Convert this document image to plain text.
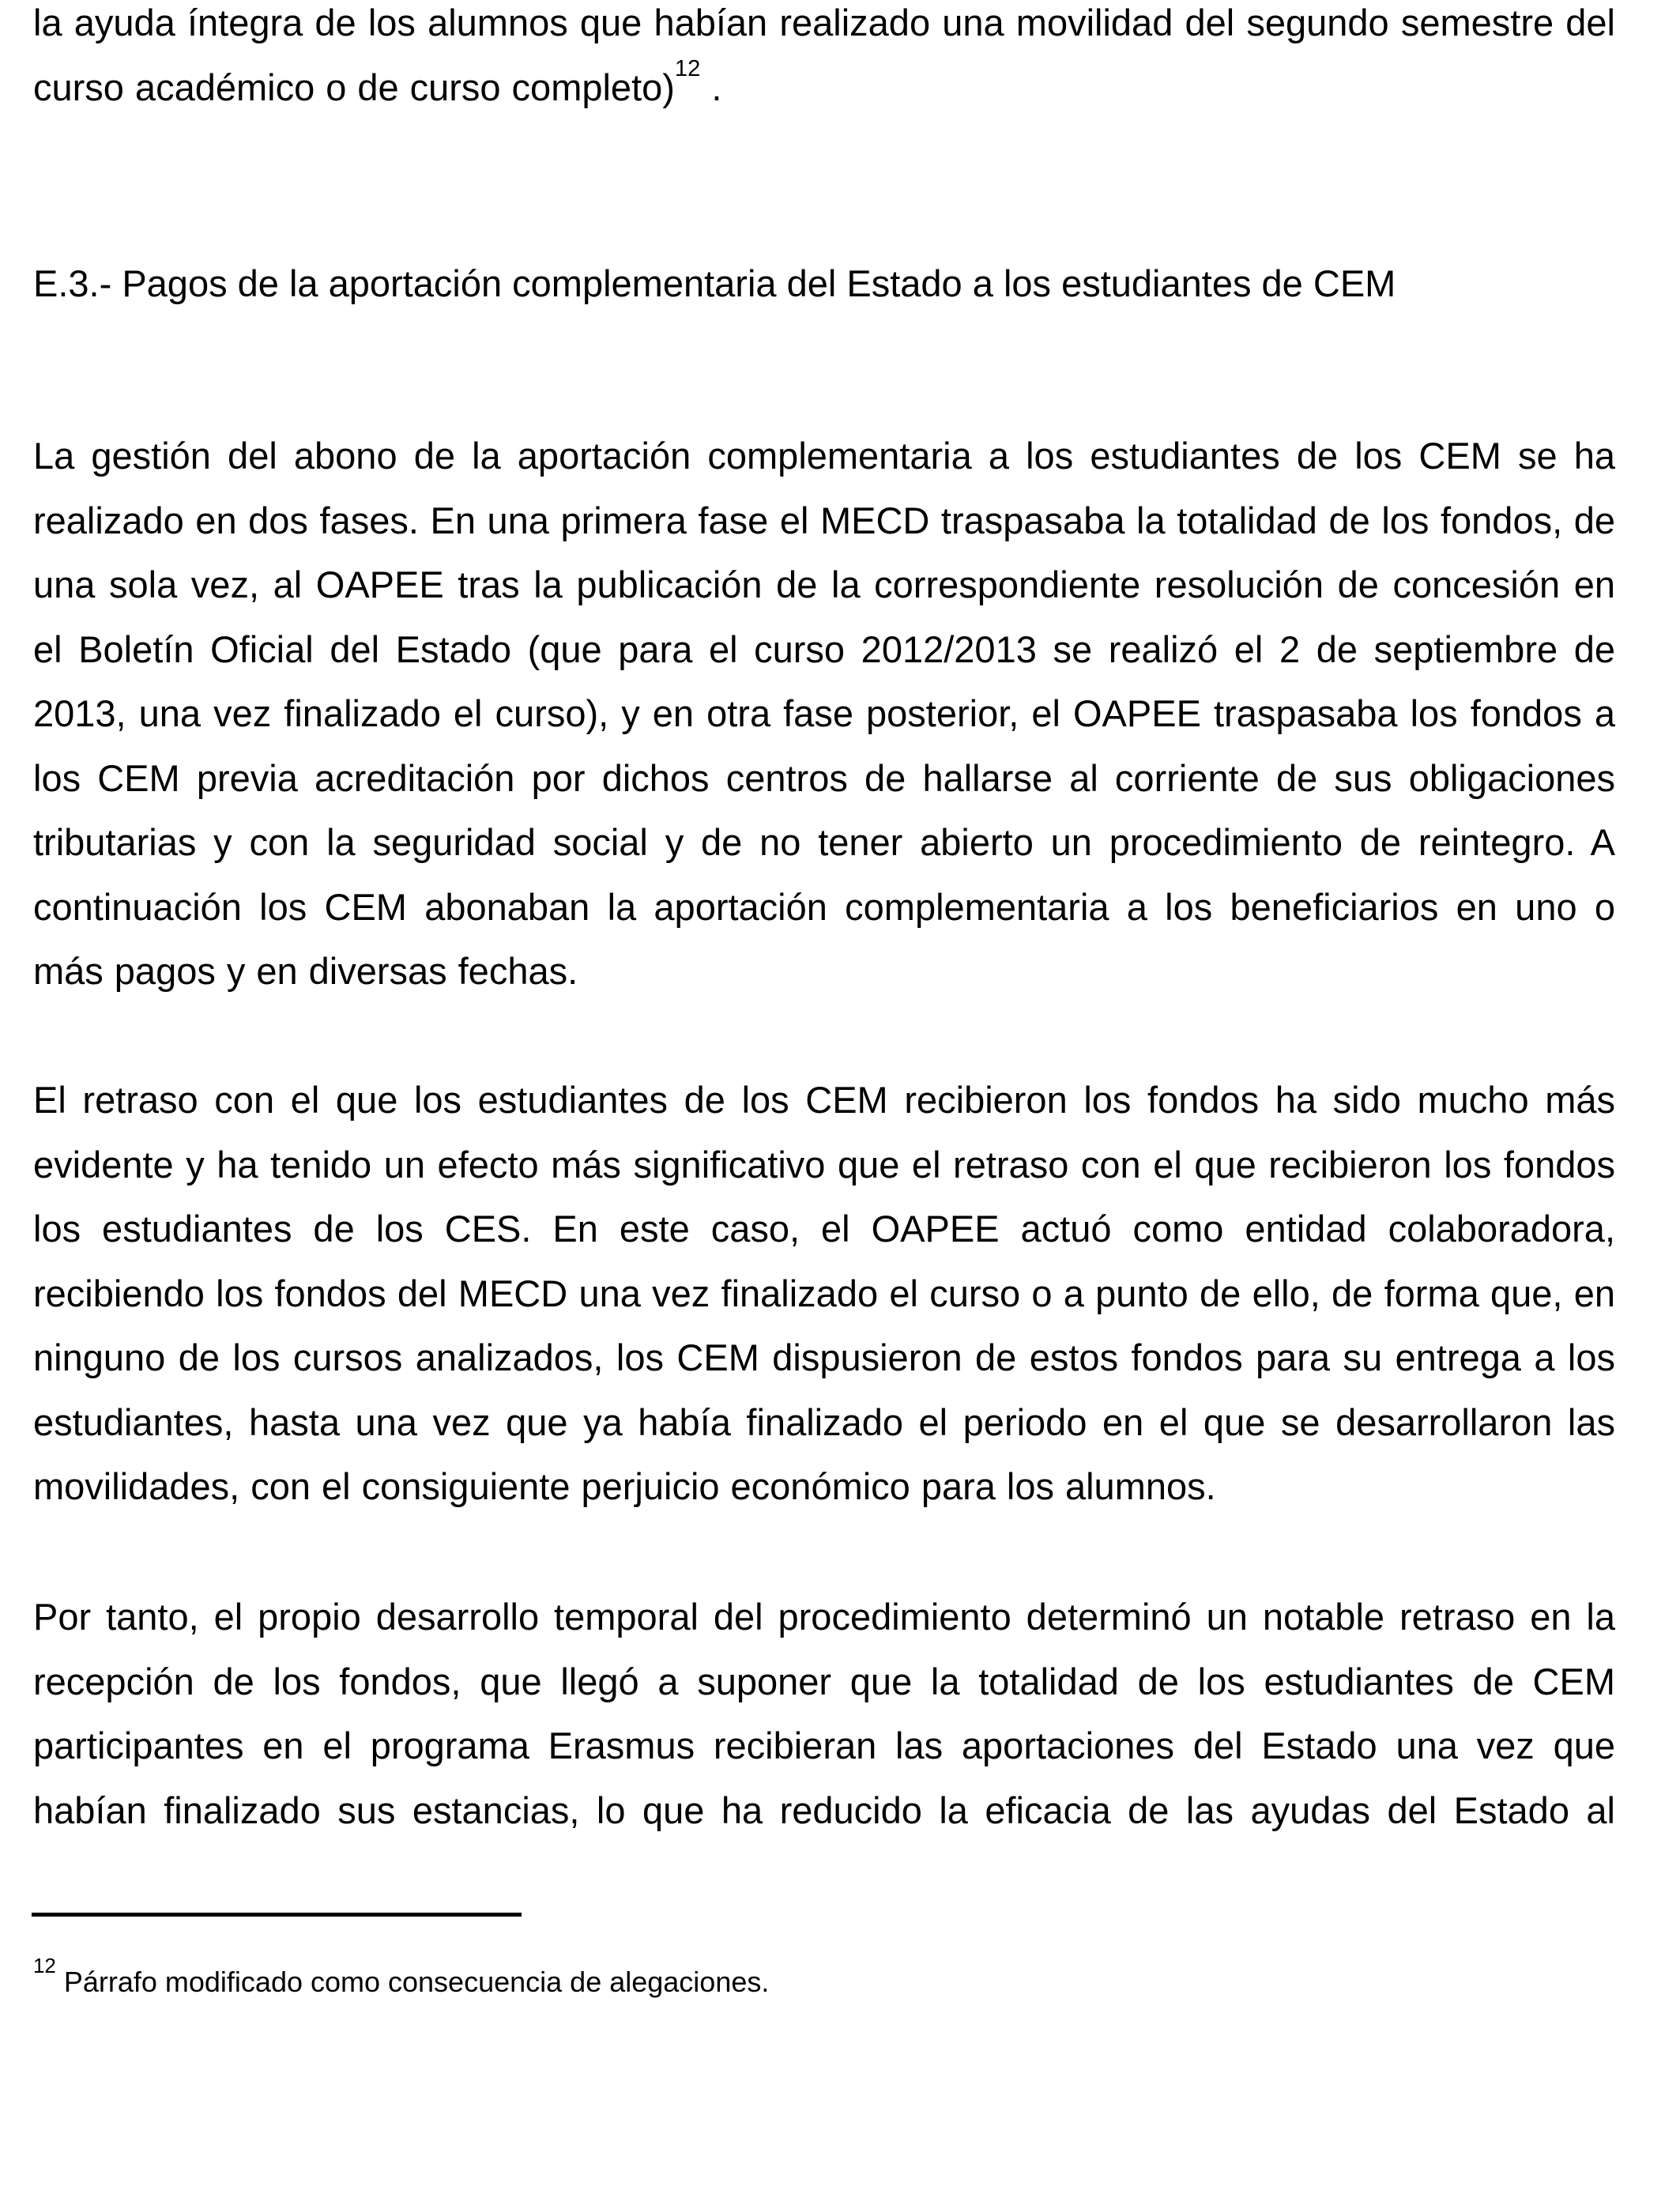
la ayuda íntegra de los alumnos que habían realizado una movilidad del segundo semestre del curso académico o de curso completo)$^{12}$ .

E.3.- Pagos de la aportación complementaria del Estado a los estudiantes de CEM

La gestión del abono de la aportación complementaria a los estudiantes de los CEM se ha realizado en dos fases. En una primera fase el MECD traspasaba la totalidad de los fondos, de una sola vez, al OAPEE tras la publicación de la correspondiente resolución de concesión en el Boletín Oficial del Estado (que para el curso 2012/2013 se realizó el 2 de septiembre de 2013, una vez finalizado el curso), y en otra fase posterior, el OAPEE traspasaba los fondos a los CEM previa acreditación por dichos centros de hallarse al corriente de sus obligaciones tributarias y con la seguridad social y de no tener abierto un procedimiento de reintegro. A continuación los CEM abonaban la aportación complementaria a los beneficiarios en uno o más pagos y en diversas fechas.

El retraso con el que los estudiantes de los CEM recibieron los fondos ha sido mucho más evidente y ha tenido un efecto más significativo que el retraso con el que recibieron los fondos los estudiantes de los CES. En este caso, el OAPEE actuó como entidad colaboradora, recibiendo los fondos del MECD una vez finalizado el curso o a punto de ello, de forma que, en ninguno de los cursos analizados, los CEM dispusieron de estos fondos para su entrega a los estudiantes, hasta una vez que ya había finalizado el periodo en el que se desarrollaron las movilidades, con el consiguiente perjuicio económico para los alumnos.

Por tanto, el propio desarrollo temporal del procedimiento determinó un notable retraso en la recepción de los fondos, que llegó a suponer que la totalidad de los estudiantes de CEM participantes en el programa Erasmus recibieran las aportaciones del Estado una vez que habían finalizado sus estancias, lo que ha reducido la eficacia de las ayudas del Estado al

$^{12}$ Párrafo modificado como consecuencia de alegaciones.
